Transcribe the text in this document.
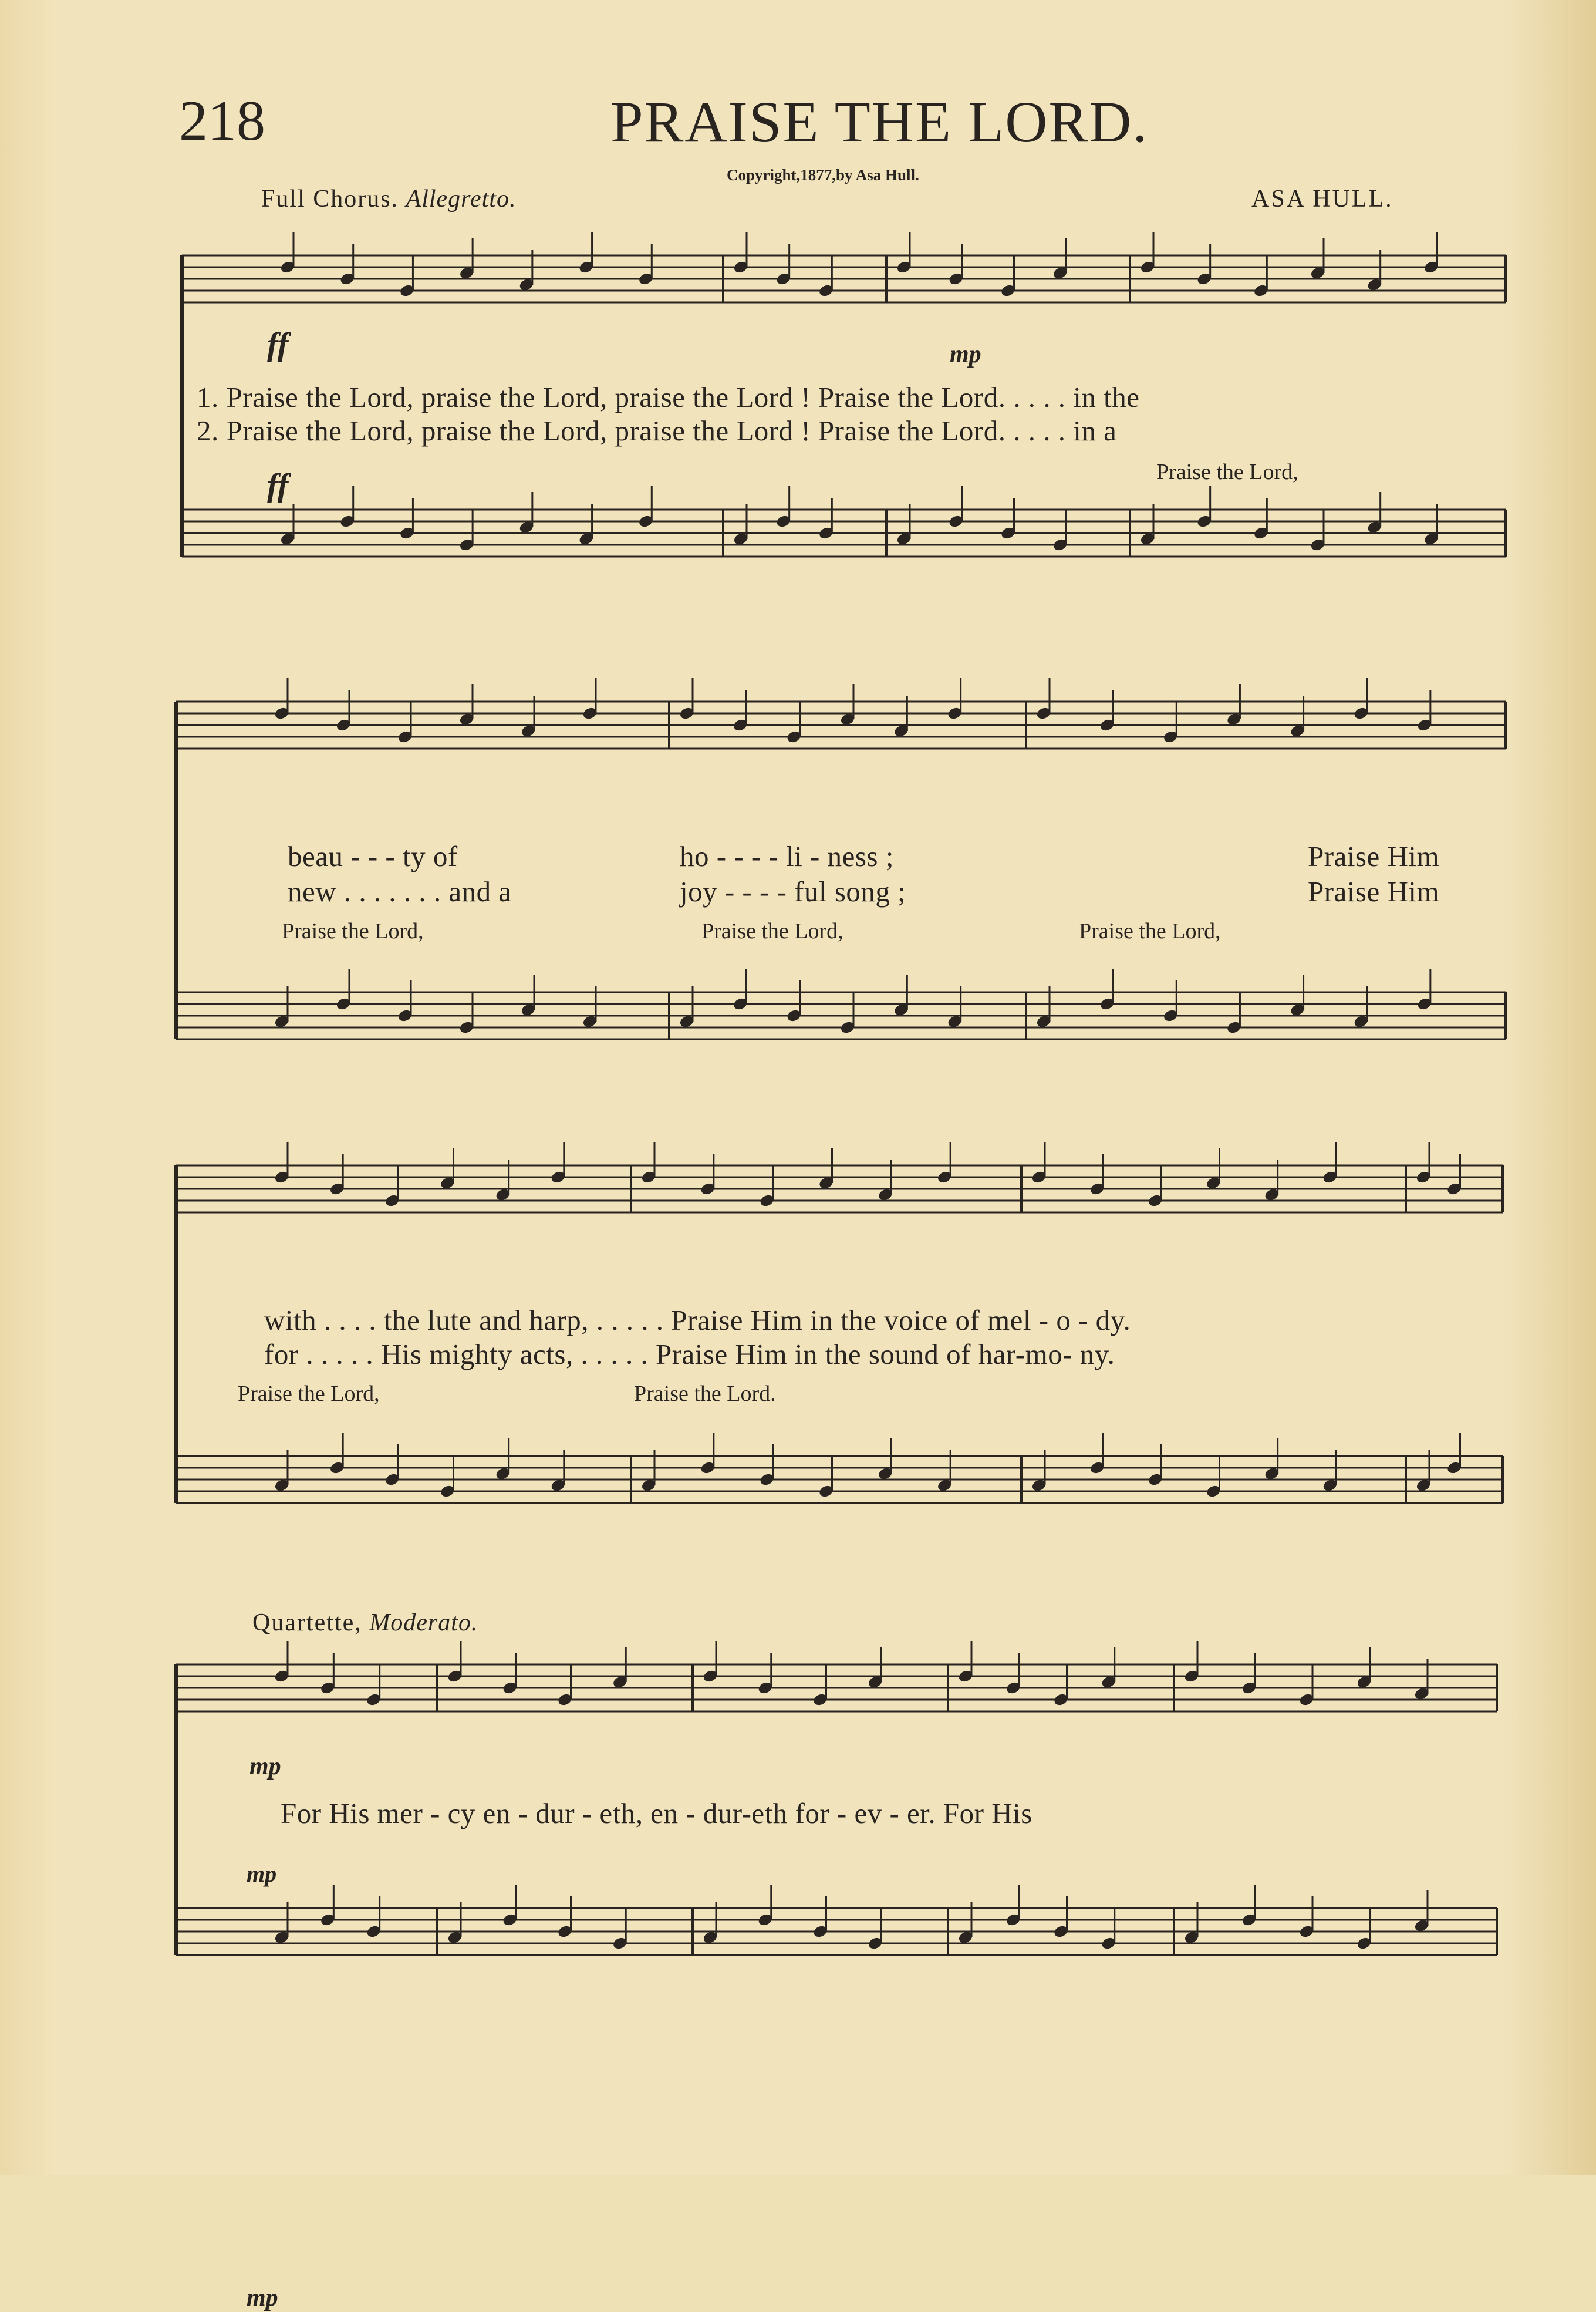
218	PRAISE THE LORD.
Copyright,1877,by Asa Hull.
Full Chorus. Allegretto.	ASA HULL.
ff	mp
ff
mp
mp
mp
1. Praise the Lord, praise the Lord, praise the Lord ! Praise the Lord. . . . . in the
2. Praise the Lord, praise the Lord, praise the Lord ! Praise the Lord. . . . . in a
Praise the Lord,
beau - - - ty of	ho - - - - li - ness ;	Praise Him
new . . . . . . . and a	joy - - - - ful song ;	Praise Him
Praise the Lord,	Praise the Lord,	Praise the Lord,
with . . . . the lute and harp, . . . . . Praise Him in the voice of mel - o - dy.
for . . . . . His mighty acts, . . . . . Praise Him in the sound of har-mo- ny.
Praise the Lord,	Praise the Lord.
Quartette, Moderato.
For His mer - cy en - dur - eth, en - dur-eth for - ev - er. For His
